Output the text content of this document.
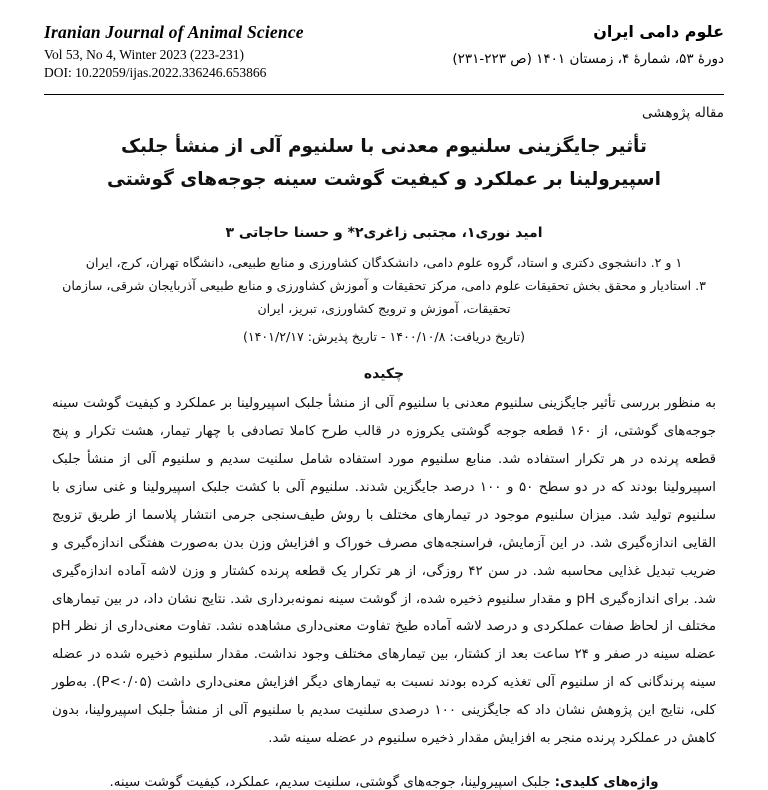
Iranian Journal of Animal Science
Vol 53, No 4, Winter 2023 (223-231)
DOI: 10.22059/ijas.2022.336246.653866
علوم دامی ایران
دورهٔ ۵۳، شمارهٔ ۴، زمستان ۱۴۰۱ (ص ۲۲۳-۲۳۱)
مقاله پژوهشی
تأثیر جایگزینی سلنیوم معدنی با سلنیوم آلی از منشأ جلبک اسپیرولینا بر عملکرد و کیفیت گوشت سینه جوجه‌های گوشتی
امید نوری۱، مجتبی زاغری۲* و حسنا حاجاتی ۳
۱ و ۲. دانشجوی دکتری و استاد، گروه علوم دامی، دانشکدگان کشاورزی و منابع طبیعی، دانشگاه تهران، کرج، ایران
۳. استادیار و محقق بخش تحقیقات علوم دامی، مرکز تحقیقات و آموزش کشاورزی و منابع طبیعی آذربایجان شرقی، سازمان تحقیقات، آموزش و ترویج کشاورزی، تبریز، ایران
(تاریخ دریافت: ۱۴۰۰/۱۰/۸ - تاریخ پذیرش: ۱۴۰۱/۲/۱۷)
چکیده
به منظور بررسی تأثیر جایگزینی سلنیوم معدنی با سلنیوم آلی از منشأ جلبک اسپیرولینا بر عملکرد و کیفیت گوشت سینه جوجه‌های گوشتی، از ۱۶۰ قطعه جوجه گوشتی یکروزه در قالب طرح کاملا تصادفی با چهار تیمار، هشت تکرار و پنج قطعه پرنده در هر تکرار استفاده شد. منابع سلنیوم مورد استفاده شامل سلنیت سدیم و سلنیوم آلی از منشأ جلبک اسپیرولینا بودند که در دو سطح ۵۰ و ۱۰۰ درصد جایگزین شدند. سلنیوم آلی با کشت جلبک اسپیرولینا و غنی سازی با سلنیوم تولید شد. میزان سلنیوم موجود در تیمارهای مختلف با روش طیف‌سنجی جرمی انتشار پلاسما از طریق تزویج القایی اندازه‌گیری شد. در این آزمایش، فراسنجه‌های مصرف خوراک و افزایش وزن بدن به‌صورت هفتگی اندازه‌گیری و ضریب تبدیل غذایی محاسبه شد. در سن ۴۲ روزگی، از هر تکرار یک قطعه پرنده کشتار و وزن لاشه آماده اندازه‌گیری شد. برای اندازه‌گیری pH و مقدار سلنیوم ذخیره شده، از گوشت سینه نمونه‌برداری شد. نتایج نشان داد، در بین تیمارهای مختلف از لحاظ صفات عملکردی و درصد لاشه آماده طیخ تفاوت معنی‌داری مشاهده نشد. تفاوت معنی‌داری از نظر pH عضله سینه در صفر و ۲۴ ساعت بعد از کشتار، بین تیمارهای مختلف وجود نداشت. مقدار سلنیوم ذخیره شده در عضله سینه پرندگانی که از سلنیوم آلی تغذیه کرده بودند نسبت به تیمارهای دیگر افزایش معنی‌داری داشت (P<۰/۰۵). به‌طور کلی، نتایج این پژوهش نشان داد که جایگزینی ۱۰۰ درصدی سلنیت سدیم با سلنیوم آلی از منشأ جلبک اسپیرولینا، بدون کاهش در عملکرد پرنده منجر به افزایش مقدار ذخیره سلنیوم در عضله سینه شد.
واژه‌های کلیدی: جلبک اسپیرولینا، جوجه‌های گوشتی، سلنیت سدیم، عملکرد، کیفیت گوشت سینه.
